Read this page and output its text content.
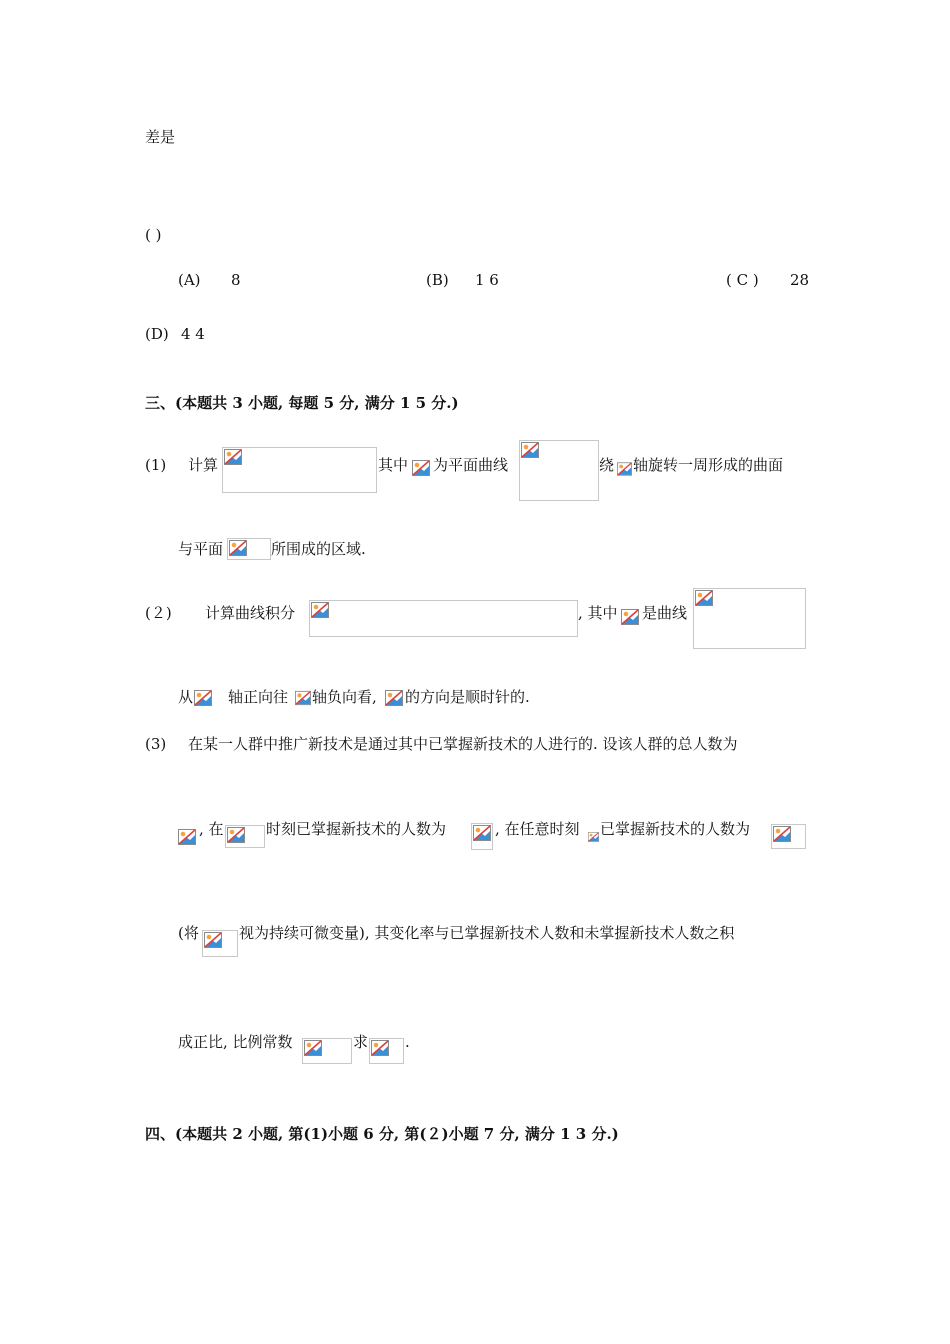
差是
( )
(A) 8	(B) 1 6	( C ) 28
(D) 4 4
三、(本题共 3 小题, 每题 5 分, 满分 1 5 分.)
(1) 计算	其中 为平面曲线	绕 轴旋转一周形成的曲面
与平面	所围成的区域.
(２) 计算曲线积分	, 其中 是曲线
从 轴正向往 轴负向看, 的方向是顺时针的.
(3) 在某一人群中推广新技术是通过其中已掌握新技术的人进行的. 设该人群的总人数为
, 在	时刻已掌握新技术的人数为	, 在任意时刻 已掌握新技术的人数为
(将	视为持续可微变量), 其变化率与已掌握新技术人数和未掌握新技术人数之积
成正比, 比例常数	求 .
四、(本题共 2 小题, 第(1)小题 6 分, 第(２)小题 7 分, 满分 1 3 分.)
